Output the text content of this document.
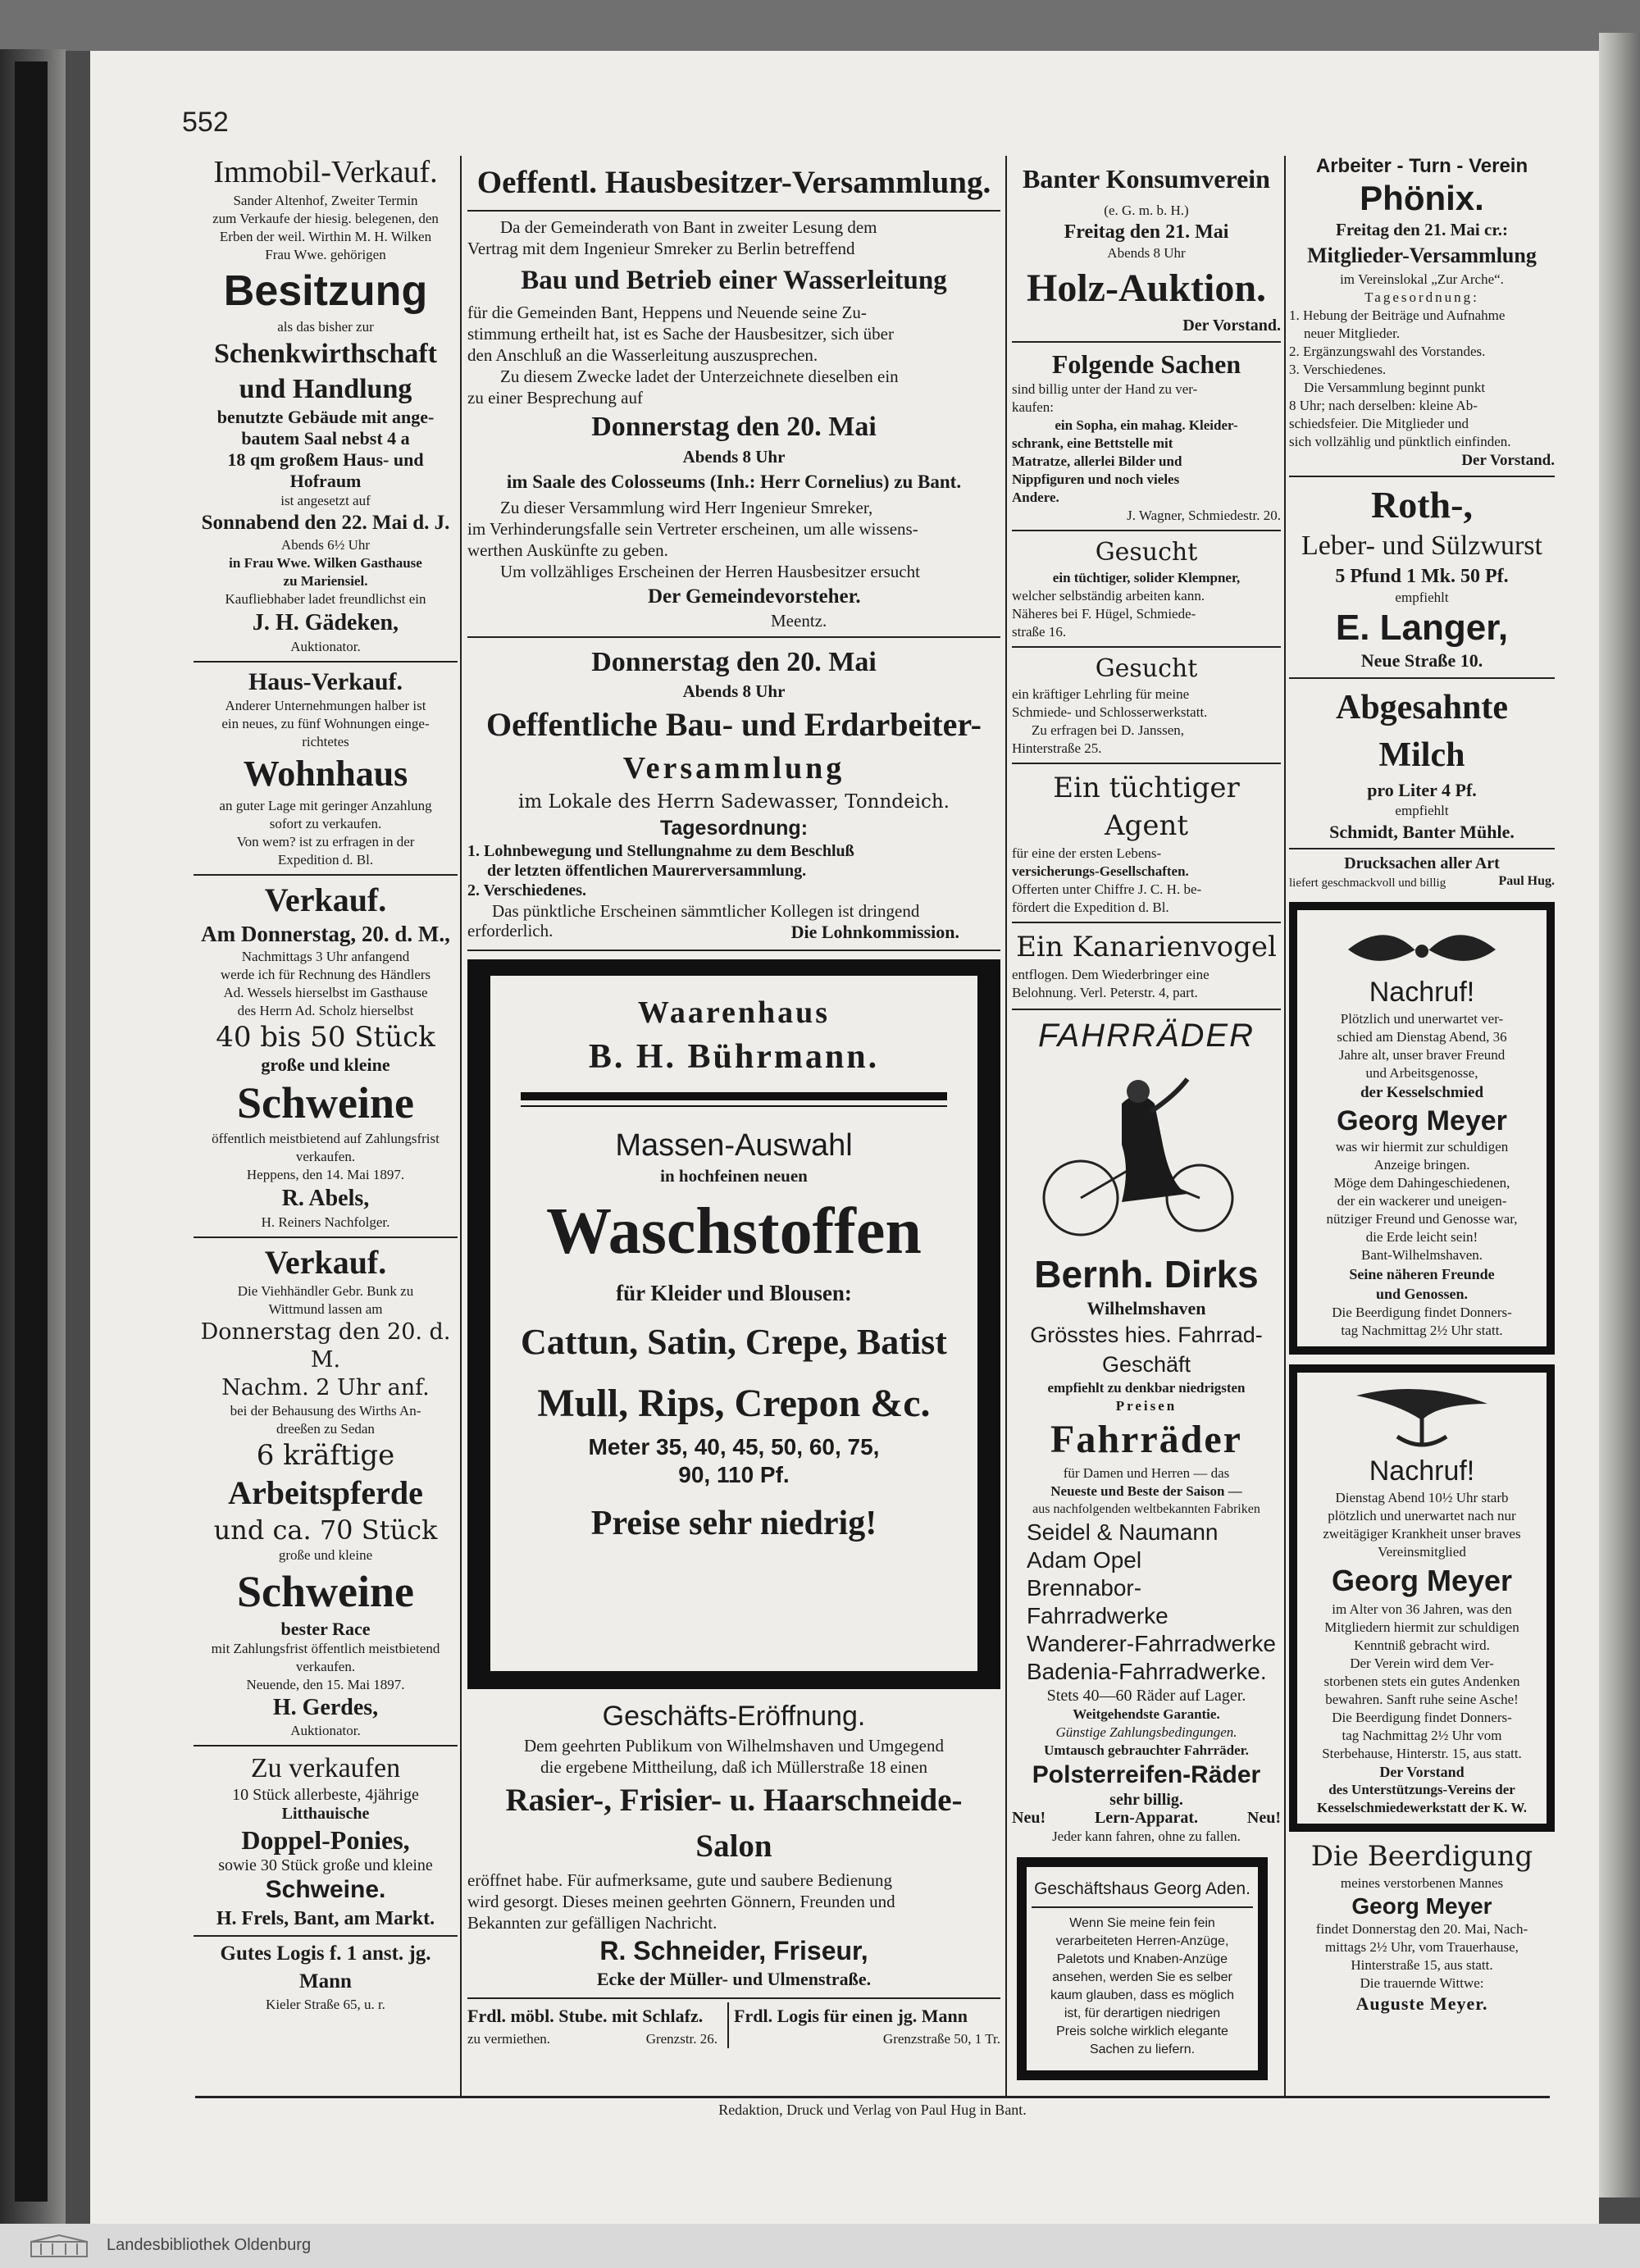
552
Immobil-Verkauf.
Sander Altenhof, Zweiter Termin
zum Verkaufe der hiesig. belegenen, den
Erben der weil. Wirthin M. H. Wilken
Frau Wwe. gehörigen
Besitzung
als das bisher zur
Schenkwirthschaft
und Handlung
benutzte Gebäude mit ange-
bautem Saal nebst 4 a
18 qm großem Haus- und
Hofraum
ist angesetzt auf
Sonnabend den 22. Mai d. J.
Abends 6½ Uhr
in Frau Wwe. Wilken Gasthause
zu Mariensiel.
Kaufliebhaber ladet freundlichst ein
J. H. Gädeken,
Auktionator.
Haus-Verkauf.
Anderer Unternehmungen halber ist
ein neues, zu fünf Wohnungen einge-
richtetes
Wohnhaus
an guter Lage mit geringer Anzahlung
sofort zu verkaufen.
Von wem? ist zu erfragen in der
Expedition d. Bl.
Verkauf.
Am Donnerstag, 20. d. M.,
Nachmittags 3 Uhr anfangend
werde ich für Rechnung des Händlers
Ad. Wessels hierselbst im Gasthause
des Herrn Ad. Scholz hierselbst
40 bis 50 Stück
große und kleine
Schweine
öffentlich meistbietend auf Zahlungsfrist
verkaufen.
Heppens, den 14. Mai 1897.
R. Abels,
H. Reiners Nachfolger.
Verkauf.
Die Viehhändler Gebr. Bunk zu
Wittmund lassen am
Donnerstag den 20. d. M.
Nachm. 2 Uhr anf.
bei der Behausung des Wirths An-
dreeßen zu Sedan
6 kräftige
Arbeitspferde
und ca. 70 Stück
große und kleine
Schweine
bester Race
mit Zahlungsfrist öffentlich meistbietend
verkaufen.
Neuende, den 15. Mai 1897.
H. Gerdes,
Auktionator.
Zu verkaufen
10 Stück allerbeste, 4jährige
Litthauische
Doppel-Ponies,
sowie 30 Stück große und kleine
Schweine.
H. Frels, Bant, am Markt.
Gutes Logis f. 1 anst. jg. Mann
Kieler Straße 65, u. r.
Oeffentl. Hausbesitzer-Versammlung.
Da der Gemeinderath von Bant in zweiter Lesung dem
Vertrag mit dem Ingenieur Smreker zu Berlin betreffend
Bau und Betrieb einer Wasserleitung
für die Gemeinden Bant, Heppens und Neuende seine Zu-
stimmung ertheilt hat, ist es Sache der Hausbesitzer, sich über
den Anschluß an die Wasserleitung auszusprechen.
Zu diesem Zwecke ladet der Unterzeichnete dieselben ein
zu einer Besprechung auf
Donnerstag den 20. Mai
Abends 8 Uhr
im Saale des Colosseums (Inh.: Herr Cornelius) zu Bant.
Zu dieser Versammlung wird Herr Ingenieur Smreker,
im Verhinderungsfalle sein Vertreter erscheinen, um alle wissens-
werthen Auskünfte zu geben.
Um vollzähliges Erscheinen der Herren Hausbesitzer ersucht
Der Gemeindevorsteher.
Meentz.
Donnerstag den 20. Mai
Abends 8 Uhr
Oeffentliche Bau- und Erdarbeiter-
Versammlung
im Lokale des Herrn Sadewasser, Tonndeich.
Tagesordnung:
1. Lohnbewegung und Stellungnahme zu dem Beschluß
der letzten öffentlichen Maurerversammlung.
2. Verschiedenes.
Das pünktliche Erscheinen sämmtlicher Kollegen ist dringend
erforderlich.	Die Lohnkommission.
Waarenhaus
B. H. Bührmann.
Massen-Auswahl
in hochfeinen neuen
Waschstoffen
für Kleider und Blousen:
Cattun, Satin, Crepe, Batist
Mull, Rips, Crepon &c.
Meter 35, 40, 45, 50, 60, 75,
90, 110 Pf.
Preise sehr niedrig!
Geschäfts-Eröffnung.
Dem geehrten Publikum von Wilhelmshaven und Umgegend
die ergebene Mittheilung, daß ich Müllerstraße 18 einen
Rasier-, Frisier- u. Haarschneide-Salon
eröffnet habe. Für aufmerksame, gute und saubere Bedienung
wird gesorgt. Dieses meinen geehrten Gönnern, Freunden und
Bekannten zur gefälligen Nachricht.
R. Schneider, Friseur,
Ecke der Müller- und Ulmenstraße.
Frdl. möbl. Stube. mit Schlafz.
zu vermiethen.	Grenzstr. 26.
Frdl. Logis für einen jg. Mann
Grenzstraße 50, 1 Tr.
Banter Konsumverein
(e. G. m. b. H.)
Freitag den 21. Mai
Abends 8 Uhr
Holz-Auktion.
Der Vorstand.
Folgende Sachen
sind billig unter der Hand zu ver-
kaufen:
ein Sopha, ein mahag. Kleider-
schrank, eine Bettstelle mit
Matratze, allerlei Bilder und
Nippfiguren und noch vieles
Andere.
J. Wagner, Schmiedestr. 20.
Gesucht
ein tüchtiger, solider Klempner,
welcher selbständig arbeiten kann.
Näheres bei F. Hügel, Schmiede-
straße 16.
Gesucht
ein kräftiger Lehrling für meine
Schmiede- und Schlosserwerkstatt.
Zu erfragen bei D. Janssen,
Hinterstraße 25.
Ein tüchtiger Agent
für eine der ersten Lebens-
versicherungs-Gesellschaften.
Offerten unter Chiffre J. C. H. be-
fördert die Expedition d. Bl.
Ein Kanarienvogel
entflogen. Dem Wiederbringer eine
Belohnung. Verl. Peterstr. 4, part.
FAHRRÄDER
Bernh. Dirks
Wilhelmshaven
Grösstes hies. Fahrrad-Geschäft
empfiehlt zu denkbar niedrigsten
Preisen
Fahrräder
für Damen und Herren — das
Neueste und Beste der Saison —
aus nachfolgenden weltbekannten Fabriken
Seidel & Naumann
Adam Opel
Brennabor-Fahrradwerke
Wanderer-Fahrradwerke
Badenia-Fahrradwerke.
Stets 40—60 Räder auf Lager.
Weitgehendste Garantie.
Günstige Zahlungsbedingungen.
Umtausch gebrauchter Fahrräder.
Polsterreifen-Räder
sehr billig.
Neu!	Lern-Apparat.	Neu!
Jeder kann fahren, ohne zu fallen.
Geschäftshaus Georg Aden.
Wenn Sie meine fein fein
verarbeiteten Herren-Anzüge,
Paletots und Knaben-Anzüge
ansehen, werden Sie es selber
kaum glauben, dass es möglich
ist, für derartigen niedrigen
Preis solche wirklich elegante
Sachen zu liefern.
Arbeiter - Turn - Verein
Phönix.
Freitag den 21. Mai cr.:
Mitglieder-Versammlung
im Vereinslokal „Zur Arche“.
Tagesordnung:
1. Hebung der Beiträge und Aufnahme
neuer Mitglieder.
2. Ergänzungswahl des Vorstandes.
3. Verschiedenes.
Die Versammlung beginnt punkt
8 Uhr; nach derselben: kleine Ab-
schiedsfeier. Die Mitglieder und
sich vollzählig und pünktlich einfinden.
Der Vorstand.
Roth-,
Leber- und Sülzwurst
5 Pfund 1 Mk. 50 Pf.
empfiehlt
E. Langer,
Neue Straße 10.
Abgesahnte Milch
pro Liter 4 Pf.
empfiehlt
Schmidt, Banter Mühle.
Drucksachen aller Art
liefert geschmackvoll und billig	Paul Hug.
Nachruf!
Plötzlich und unerwartet ver-
schied am Dienstag Abend, 36
Jahre alt, unser braver Freund
und Arbeitsgenosse,
der Kesselschmied
Georg Meyer
was wir hiermit zur schuldigen
Anzeige bringen.
Möge dem Dahingeschiedenen,
der ein wackerer und uneigen-
nütziger Freund und Genosse war,
die Erde leicht sein!
Bant-Wilhelmshaven.
Seine näheren Freunde
und Genossen.
Die Beerdigung findet Donners-
tag Nachmittag 2½ Uhr statt.
Nachruf!
Dienstag Abend 10½ Uhr starb
plötzlich und unerwartet nach nur
zweitägiger Krankheit unser braves
Vereinsmitglied
Georg Meyer
im Alter von 36 Jahren, was den
Mitgliedern hiermit zur schuldigen
Kenntniß gebracht wird.
Der Verein wird dem Ver-
storbenen stets ein gutes Andenken
bewahren. Sanft ruhe seine Asche!
Die Beerdigung findet Donners-
tag Nachmittag 2½ Uhr vom
Sterbehause, Hinterstr. 15, aus statt.
Der Vorstand
des Unterstützungs-Vereins der
Kesselschmiedewerkstatt der K. W.
Die Beerdigung
meines verstorbenen Mannes
Georg Meyer
findet Donnerstag den 20. Mai, Nach-
mittags 2½ Uhr, vom Trauerhause,
Hinterstraße 15, aus statt.
Die trauernde Wittwe:
Auguste Meyer.
Redaktion, Druck und Verlag von Paul Hug in Bant.
Landesbibliothek Oldenburg
